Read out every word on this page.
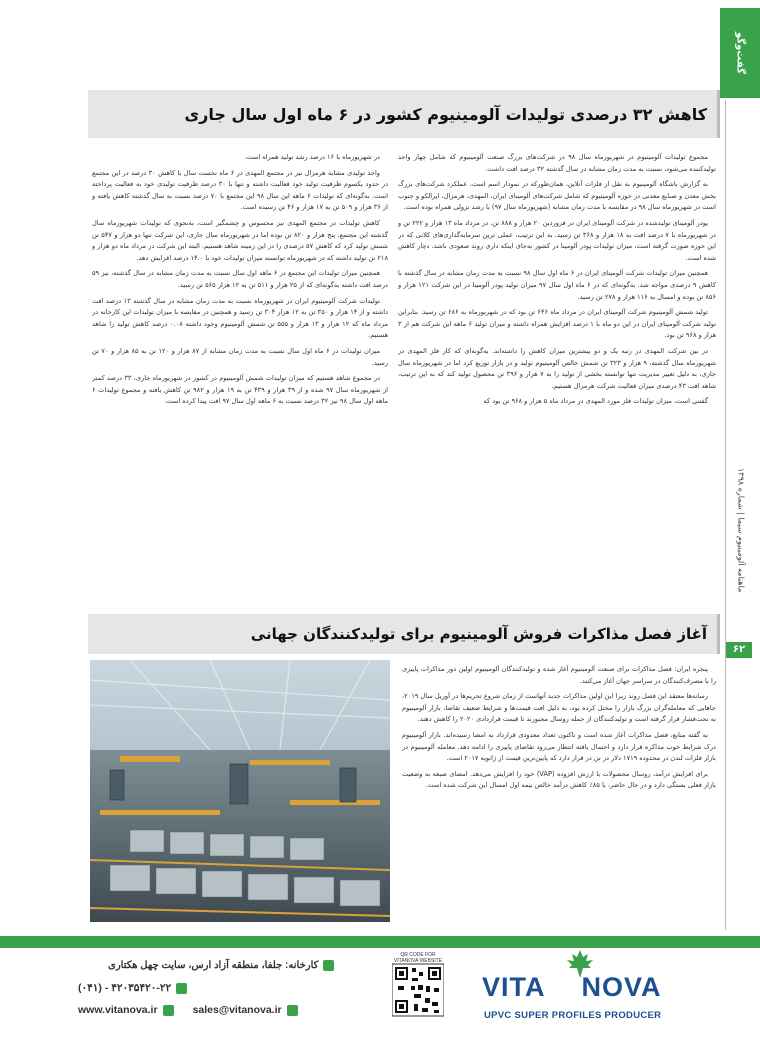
گفت‌وگو
ماهنامه آلومینیوم سیما | شماره ۱۳۹۸
۶۲
کاهش ۳۲ درصدی تولیدات آلومینیوم کشور در ۶ ماه اول سال جاری

مجموع تولیدات آلومینیوم در شهریورماه سال ۹۸ در شرکت‌های بزرگ صنعت آلومینیوم که شامل چهار واحد تولیدکننده می‌شود، نسبت به مدت زمان مشابه در سال گذشته ۳۲ درصد افت داشت.

به گزارش باشگاه آلومینیوم به نقل از فلزات آنلاین، همان‌طورکه در نمودار اسم است، عملکرد شرکت‌های بزرگ بخش معدن و صنایع معدنی در حوزه آلومینیوم که شامل شرکت‌های آلومینای ایران، المهدی، هرمزال، ایرالکو و جنوب است در شهریورماه سال ۹۸ در مقایسه با مدت زمان مشابه (شهریورماه سال ۹۷) با رشد نزولی همراه بوده است.

پودر آلومینای تولیدشده در شرکت آلومینای ایران در فروردین ۲۰ هزار و ۸۸۸ تن، در مرداد ماه ۱۳ هزار و ۲۲۲ تن و در شهریورماه با ۷ درصد افت به ۱۸ هزار و ۳۶۸ تن رسید. به این ترتیب، عملی ترین سرمایه‌گذاری‌های کلانی که در این حوزه صورت گرفته است، میزان تولیدات پودر آلومینا در کشور به‌جای اینکه داری روند صعودی باشد، دچار کاهش شده است.

همچنین میزان تولیدات شرکت آلومینای ایران در ۶ ماه اول سال ۹۸ نسبت به مدت زمان مشابه در سال گذشته با کاهش ۹ درصدی مواجه شد. به‌گونه‌ای که در ۶ ماه اول سال ۹۷ میزان تولید پودر آلومینا در این شرکت ۱۲۱ هزار و ۸۵۶ تن بوده و امسال به ۱۱۶ هزار و ۲۷۸ تن رسید.

تولید شمش آلومینیوم شرکت آلومینای ایران در مرداد ماه ۶۴۶ تن بود که در شهریورماه به ۶۸۶ تن رسید. بنابراین تولید شرکت آلومینای ایران در این دو ماه با ۱ درصد افزایش همراه داشته و میزان تولید ۶ ماهه این شرکت هم از ۳ هزار و ۹۶۸ تن بود.

در بین شرکت المهدی در رتبه یک و دو بیشترین میزان کاهش را داشته‌اند. به‌گونه‌ای که کار فلز المهدی در شهریورماه سال گذشته، ۹ هزار و ۳۲۳ تن شمش خالص آلومینیوم تولید و در بازار توزیع کرد اما در شهریورماه سال جاری، به دلیل تغییر مدیریت تنها توانسته بخشی از تولید را به ۷ هزار و ۳۹۶ تن محصول تولید کند که به این ترتیب، شاهد افت ۴۳ درصدی میزان فعالیت شرکت هرمزال هستیم.

گفتنی است، میزان تولیدات فلز مورد المهدی در مرداد ماه ۵ هزار و ۹۶۸ تن بود که

در شهریورماه با ۱۶ درصد رشد تولید همراه است.

واحد تولیدی مشابه هرمزال نیز در مجتمع المهدی در ۶ ماه نخست سال با کاهش ۳۰ درصد در این مجتمع در حدود یکسوم ظرفیت تولید خود فعالیت داشته و تنها با ۳۰ درصد ظرفیت تولیدی خود به فعالیت پرداخته است. به‌گونه‌ای که تولیدات ۶ ماهه این سال ۹۸ این مجتمع با ۷۰ درصد نسبت به سال گذشته کاهش یافته و از ۳۶ هزار و ۵۰۹ تن به ۱۷ هزار و ۴۶ تن رسیده است.

کاهش تولیدات در مجتمع المهدی نیز محسوس و چشمگیر است، به‌نحوی که تولیدات شهریورماه سال گذشته این مجتمع، پنج هزار و ۸۲۰ تن بوده اما در شهریورماه سال جاری، این شرکت تنها دو هزار و ۵۴۷ تن شمش تولید کرد که کاهش ۵۷ درصدی را در این زمینه شاهد هستیم. البته این شرکت در مرداد ماه دو هزار و ۲۱۸ تن تولید داشته که در شهریورماه توانسته میزان تولیدات خود با ۱۴.۰ درصد افزایش دهد.

همچنین میزان تولیدات این مجتمع در ۶ ماهه اول سال نسبت به مدت زمان مشابه در سال گذشته، نیز ۵۹ درصد افت داشته به‌گونه‌ای که از ۲۵ هزار و ۵۱۱ تن به ۱۲ هزار ۵۶۵ تن رسید.

تولیدات شرکت آلومینیوم ایران در شهریورماه نسبت به مدت زمان مشابه در سال گذشته ۱۳ درصد افت داشته و از ۱۴ هزار و ۳۵۰ تن به ۱۲ هزار ۳۰۴ تن رسید و همچنین در مقایسه با میزان تولیدات این کارخانه در مرداد ماه که ۱۲ هزار و ۱۳ هزار و ۵۵۵ تن شمش آلومینیوم وجود داشته ۰.۰۸ درصد کاهش تولید را شاهد هستیم.

میزان تولیدات در ۶ ماه اول سال نسبت به مدت زمان مشابه از ۸۷ هزار و ۱۲۰ تن به ۸۵ هزار و ۷۰ تن رسید.

در مجموع شاهد هستیم که میزان تولیدات شمش آلومینیوم در کشور در شهریورماه جاری، ۳۳ درصد کمتر از شهریورماه سال ۹۷ شده و از ۳۹ هزار و ۴۳۹ تن به ۱۹ هزار و ۹۸۲ تن کاهش یافته و مجموع تولیدات ۶ ماهه اول سال ۹۸ نیز ۳۲ درصد نسبت به ۶ ماهه اول سال ۹۷ افت پیدا کرده است.

آغاز فصل مذاکرات فروش آلومینیوم برای تولیدکنندگان جهانی

پنجره ایران: فصل مذاکرات برای صنعت آلومینیوم آغاز شده و تولیدکنندگان آلومینیوم اولین دور مذاکرات پاییزی را با مصرف‌کنندگان در سراسر جهان آغاز می‌کنند.

رسانه‌ها معتقد این فصل روند زیرا این اولین مذاکرات جدید آنهاست از زمان شروع تحریم‌ها در آوریل سال ۲۰۱۹، جاهایی که معامله‌گران بزرگ بازار را مختل کرده بود، به دلیل افت قیمت‌ها و شرایط ضعیف تقاضا، بازار آلومینیوم به تحت‌فشار قرار گرفته است و تولیدکنندگان از جمله روسال مجبورند تا قیمت قراردادی ۲۰۲۰ را کاهش دهند.

به گفته منابع، فصل مذاکرات آغاز شده است و تاکنون تعداد معدودی قرارداد به امضا رسیده‌اند. بازار آلومینیوم درک شرایط خوب مذاکره قرار دارد و احتمال یافته انتظار می‌رود تقاضای پاییزی را ادامه دهد. معامله آلومینیوم در بازار فلزات لندن در محدوده ۱۷۱۹ دلار در تن در قرار دارد که پایین‌ترین قیمت از ژانویه ۲۰۱۷ است.

برای افزایش درآمد، روسال محصولات با ارزش افزوده (VAP) خود را افزایش می‌دهد. امضای صبغه به وضعیت بازار فعلی بستگی دارد و در حال حاضر، با ۸۵٪ کاهش درآمد خالص نیمه اول امسال این شرکت شده است.

VITA NOVA
UPVC SUPER PROFILES PRODUCER
QR CODE FOR VITANOVA WEBSITE
کارخانه: جلفا، منطقه آزاد ارس، سایت چهل هکتاری
(۰۴۱) - ۴۲۰۳۵۴۲۰-۲۲
www.vitanova.ir	sales@vitanova.ir
